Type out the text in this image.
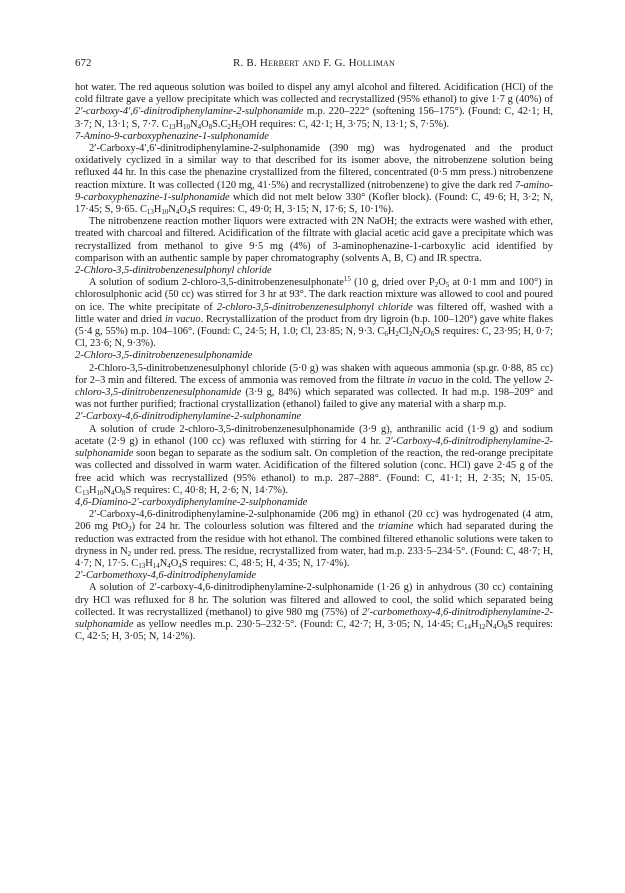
672	R. B. Herbert and F. G. Holliman

hot water. The red aqueous solution was boiled to dispel any amyl alcohol and filtered. Acidification (HCl) of the cold filtrate gave a yellow precipitate which was collected and recrystallized (95% ethanol) to give 1·7 g (40%) of 2′-carboxy-4′,6′-dinitrodiphenylamine-2-sulphonamide m.p. 220–222° (softening 156–175°). (Found: C, 42·1; H, 3·7; N, 13·1; S, 7·7. $C_{13}H_{10}N_4O_8S.C_2H_5OH$ requires: C, 42·1; H, 3·75; N, 13·1; S, 7·5%).

7-Amino-9-carboxyphenazine-1-sulphonamide

2′-Carboxy-4′,6′-dinitrodiphenylamine-2-sulphonamide (390 mg) was hydrogenated and the product oxidatively cyclized in a similar way to that described for its isomer above, the nitrobenzene solution being refluxed 44 hr. In this case the phenazine crystallized from the filtered, concentrated (0·5 mm press.) nitrobenzene reaction mixture. It was collected (120 mg, 41·5%) and recrystallized (nitrobenzene) to give the dark red 7-amino-9-carboxyphenazine-1-sulphonamide which did not melt below 330° (Kofler block). (Found: C, 49·6; H, 3·2; N, 17·45; S, 9·65. $C_{13}H_{10}N_4O_4S$ requires: C, 49·0; H, 3·15; N, 17·6; S, 10·1%).

The nitrobenzene reaction mother liquors were extracted with 2N NaOH; the extracts were washed with ether, treated with charcoal and filtered. Acidification of the filtrate with glacial acetic acid gave a precipitate which was recrystallized from methanol to give 9·5 mg (4%) of 3-aminophenazine-1-carboxylic acid identified by comparison with an authentic sample by paper chromatography (solvents A, B, C) and IR spectra.

2-Chloro-3,5-dinitrobenzenesulphonyl chloride

A solution of sodium 2-chloro-3,5-dinitrobenzenesulphonate$^{15}$ (10 g, dried over $P_2O_5$ at 0·1 mm and 100°) in chlorosulphonic acid (50 cc) was stirred for 3 hr at 93°. The dark reaction mixture was allowed to cool and poured on ice. The white precipitate of 2-chloro-3,5-dinitrobenzenesulphonyl chloride was filtered off, washed with a little water and dried in vacuo. Recrystallization of the product from dry ligroin (b.p. 100–120°) gave white flakes (5·4 g, 55%) m.p. 104–106°. (Found: C, 24·5; H, 1.0; Cl, 23·85; N, 9·3. $C_6H_2Cl_2N_2O_6S$ requires: C, 23·95; H, 0·7; Cl, 23·6; N, 9·3%).

2-Chloro-3,5-dinitrobenzenesulphonamide

2-Chloro-3,5-dinitrobenzenesulphonyl chloride (5·0 g) was shaken with aqueous ammonia (sp.gr. 0·88, 85 cc) for 2–3 min and filtered. The excess of ammonia was removed from the filtrate in vacuo in the cold. The yellow 2-chloro-3,5-dinitrobenzenesulphonamide (3·9 g, 84%) which separated was collected. It had m.p. 198–209° and was not further purified; fractional crystallization (ethanol) failed to give any material with a sharp m.p.

2′-Carboxy-4,6-dinitrodiphenylamine-2-sulphonamine

A solution of crude 2-chloro-3,5-dinitrobenzenesulphonamide (3·9 g), anthranilic acid (1·9 g) and sodium acetate (2·9 g) in ethanol (100 cc) was refluxed with stirring for 4 hr. 2′-Carboxy-4,6-dinitrodiphenylamine-2-sulphonamide soon began to separate as the sodium salt. On completion of the reaction, the red-orange precipitate was collected and dissolved in warm water. Acidification of the filtered solution (conc. HCl) gave 2·45 g of the free acid which was recrystallized (95% ethanol) to m.p. 287–288°. (Found: C, 41·1; H, 2·35; N, 15·05. $C_{13}H_{10}N_4O_8S$ requires: C, 40·8; H, 2·6; N, 14·7%).

4,6-Diamino-2′-carboxydiphenylamine-2-sulphonamide

2′-Carboxy-4,6-dinitrodiphenylamine-2-sulphonamide (206 mg) in ethanol (20 cc) was hydrogenated (4 atm, 206 mg PtO$_2$) for 24 hr. The colourless solution was filtered and the triamine which had separated during the reduction was extracted from the residue with hot ethanol. The combined filtered ethanolic solutions were taken to dryness in $N_2$ under red. press. The residue, recrystallized from water, had m.p. 233·5–234·5°. (Found: C, 48·7; H, 4·7; N, 17·5. $C_{13}H_{14}N_4O_4S$ requires: C, 48·5; H, 4·35; N, 17·4%).

2′-Carbomethoxy-4,6-dinitrodiphenylamide

A solution of 2′-carboxy-4,6-dinitrodiphenylamine-2-sulphonamide (1·26 g) in anhydrous (30 cc) containing dry HCl was refluxed for 8 hr. The solution was filtered and allowed to cool, the solid which separated being collected. It was recrystallized (methanol) to give 980 mg (75%) of 2′-carbomethoxy-4,6-dinitrodiphenylamine-2-sulphonamide as yellow needles m.p. 230·5–232·5°. (Found: C, 42·7; H, 3·05; N, 14·45; $C_{14}H_{12}N_4O_8S$ requires: C, 42·5; H, 3·05; N, 14·2%).
